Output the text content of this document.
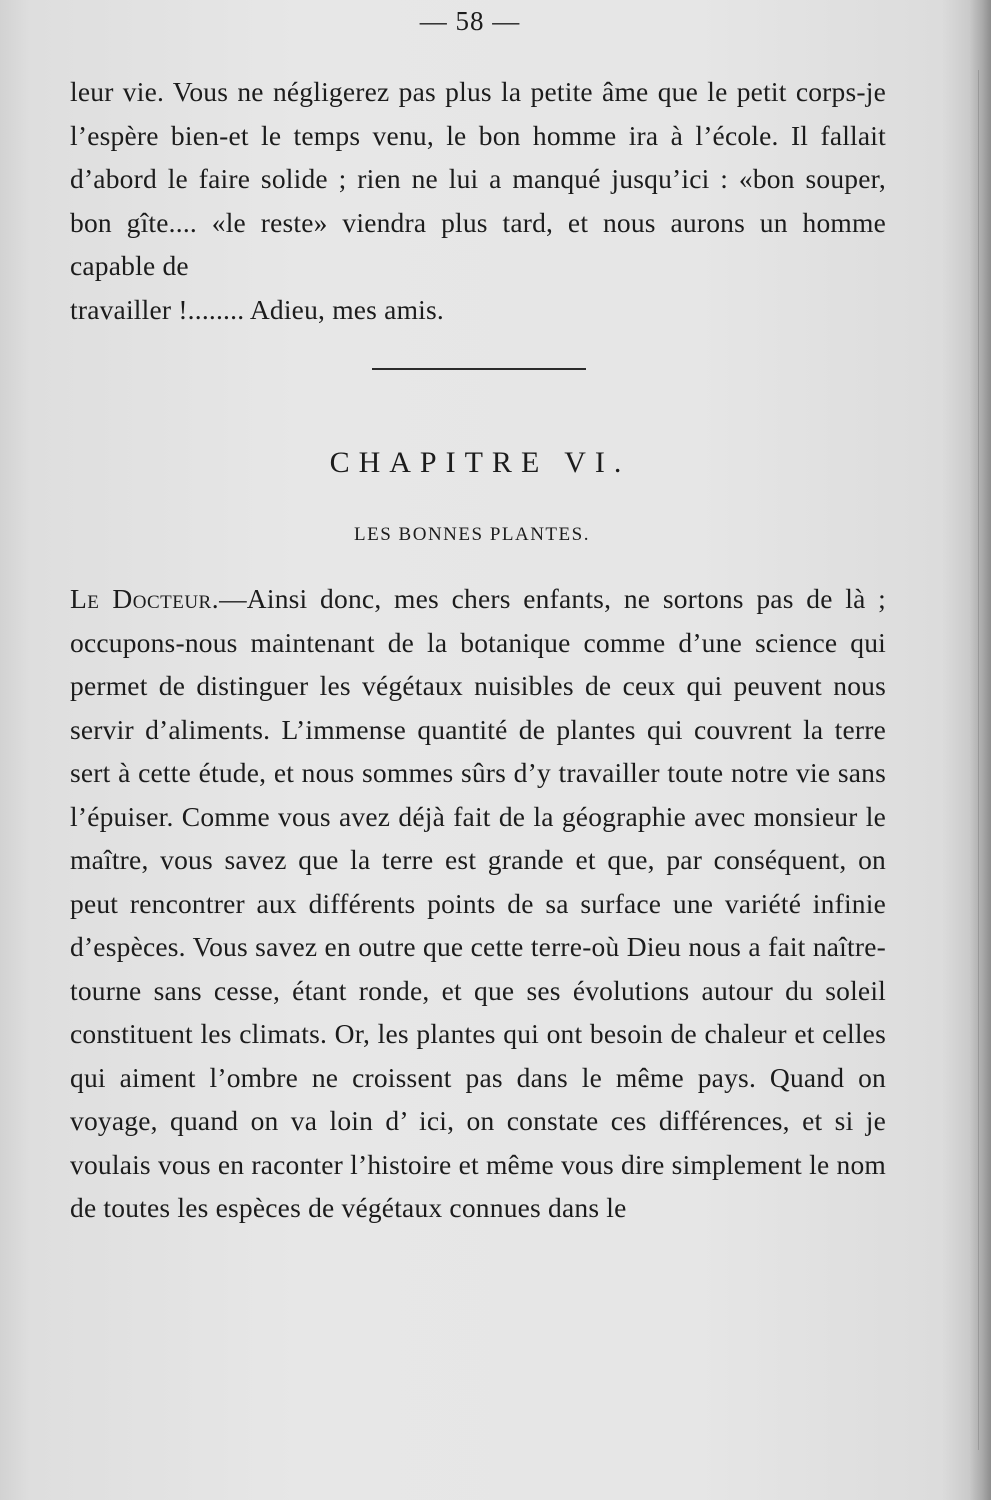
— 58 —

leur vie. Vous ne négligerez pas plus la petite âme que le petit corps-je l’espère bien-et le temps venu, le bon homme ira à l’école. Il fallait d’abord le faire solide ; rien ne lui a manqué jusqu’ici : «bon souper, bon gîte.... «le reste» viendra plus tard, et nous aurons un homme capable de

travailler !........ Adieu, mes amis.

CHAPITRE VI.
LES BONNES PLANTES.

Le Docteur.—Ainsi donc, mes chers enfants, ne sortons pas de là ; occupons-nous maintenant de la botanique comme d’une science qui permet de distinguer les végétaux nuisibles de ceux qui peuvent nous servir d’aliments. L’immense quantité de plantes qui couvrent la terre sert à cette étude, et nous sommes sûrs d’y travailler toute notre vie sans l’épuiser. Comme vous avez déjà fait de la géographie avec monsieur le maître, vous savez que la terre est grande et que, par conséquent, on peut rencontrer aux différents points de sa surface une variété infinie d’espèces. Vous savez en outre que cette terre-où Dieu nous a fait naître-tourne sans cesse, étant ronde, et que ses évolutions autour du soleil constituent les climats. Or, les plantes qui ont besoin de chaleur et celles qui aiment l’ombre ne croissent pas dans le même pays. Quand on voyage, quand on va loin d’ ici, on constate ces différences, et si je voulais vous en raconter l’histoire et même vous dire simplement le nom de toutes les espèces de végétaux connues dans le
